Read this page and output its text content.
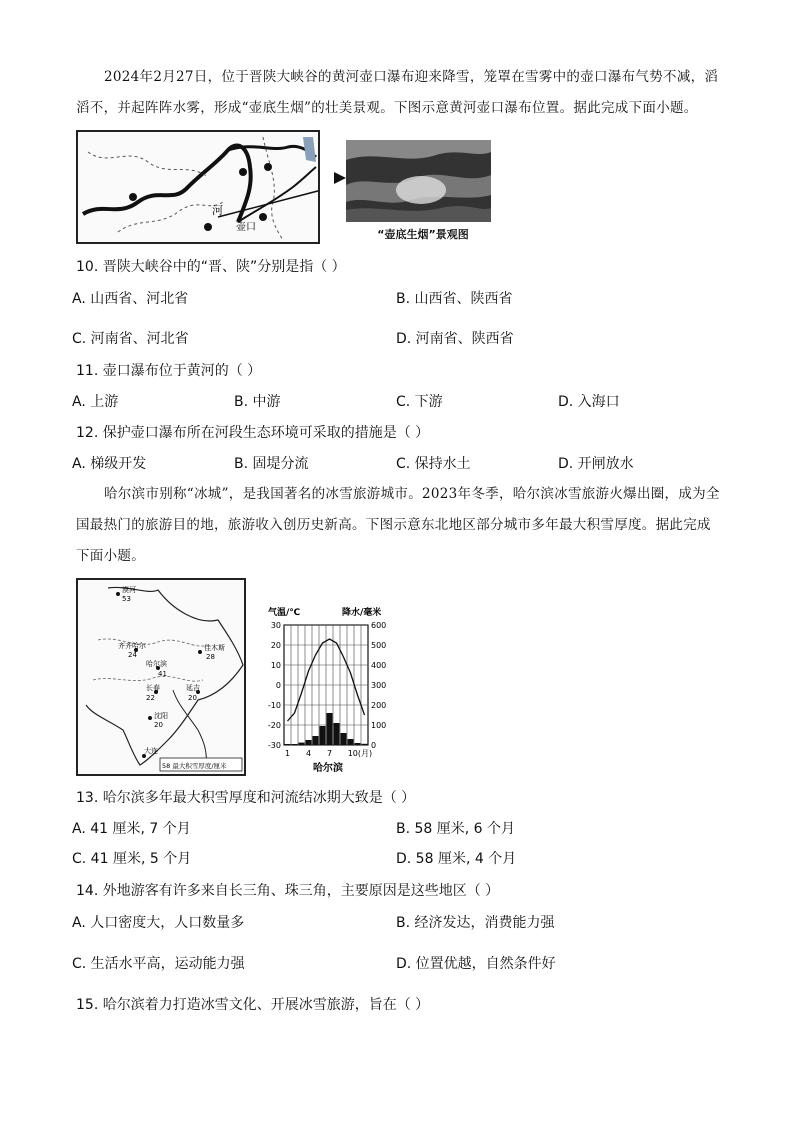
2024年2月27日，位于晋陕大峡谷的黄河壶口瀑布迎来降雪，笼罩在雪雾中的壶口瀑布气势不减，滔滔不，并起阵阵水雾，形成“壶底生烟”的壮美景观。下图示意黄河壶口瀑布位置。据此完成下面小题。
河
壶口
“壶底生烟”景观图
10. 晋陕大峡谷中的“晋、陕”分别是指（ ）
A. 山西省、河北省	B. 山西省、陕西省
C. 河南省、河北省	D. 河南省、陕西省
11. 壶口瀑布位于黄河的（ ）
A. 上游	B. 中游	C. 下游	D. 入海口
12. 保护壶口瀑布所在河段生态环境可采取的措施是（ ）
A. 梯级开发	B. 固堤分流	C. 保持水土	D. 开闸放水
哈尔滨市别称“冰城”，是我国著名的冰雪旅游城市。2023年冬季，哈尔滨冰雪旅游火爆出圈，成为全国最热门的旅游目的地，旅游收入创历史新高。下图示意东北地区部分城市多年最大积雪厚度。据此完成下面小题。
漠河
53
齐齐哈尔
24
佳木斯
28
哈尔滨
41
长春
22
延吉
20
沈阳
20
大连
58 最大积雪厚度/厘米
气温/℃	降水/毫米
30	600
20	500
10	400
0	300
-10	200
-20	100
-30	0
1 4 7 10(月)
哈尔滨
13. 哈尔滨多年最大积雪厚度和河流结冰期大致是（ ）
A. 41 厘米, 7 个月	B. 58 厘米, 6 个月
C. 41 厘米, 5 个月	D. 58 厘米, 4 个月
14. 外地游客有许多来自长三角、珠三角，主要原因是这些地区（ ）
A. 人口密度大，人口数量多	B. 经济发达，消费能力强
C. 生活水平高，运动能力强	D. 位置优越，自然条件好
15. 哈尔滨着力打造冰雪文化、开展冰雪旅游，旨在（ ）
